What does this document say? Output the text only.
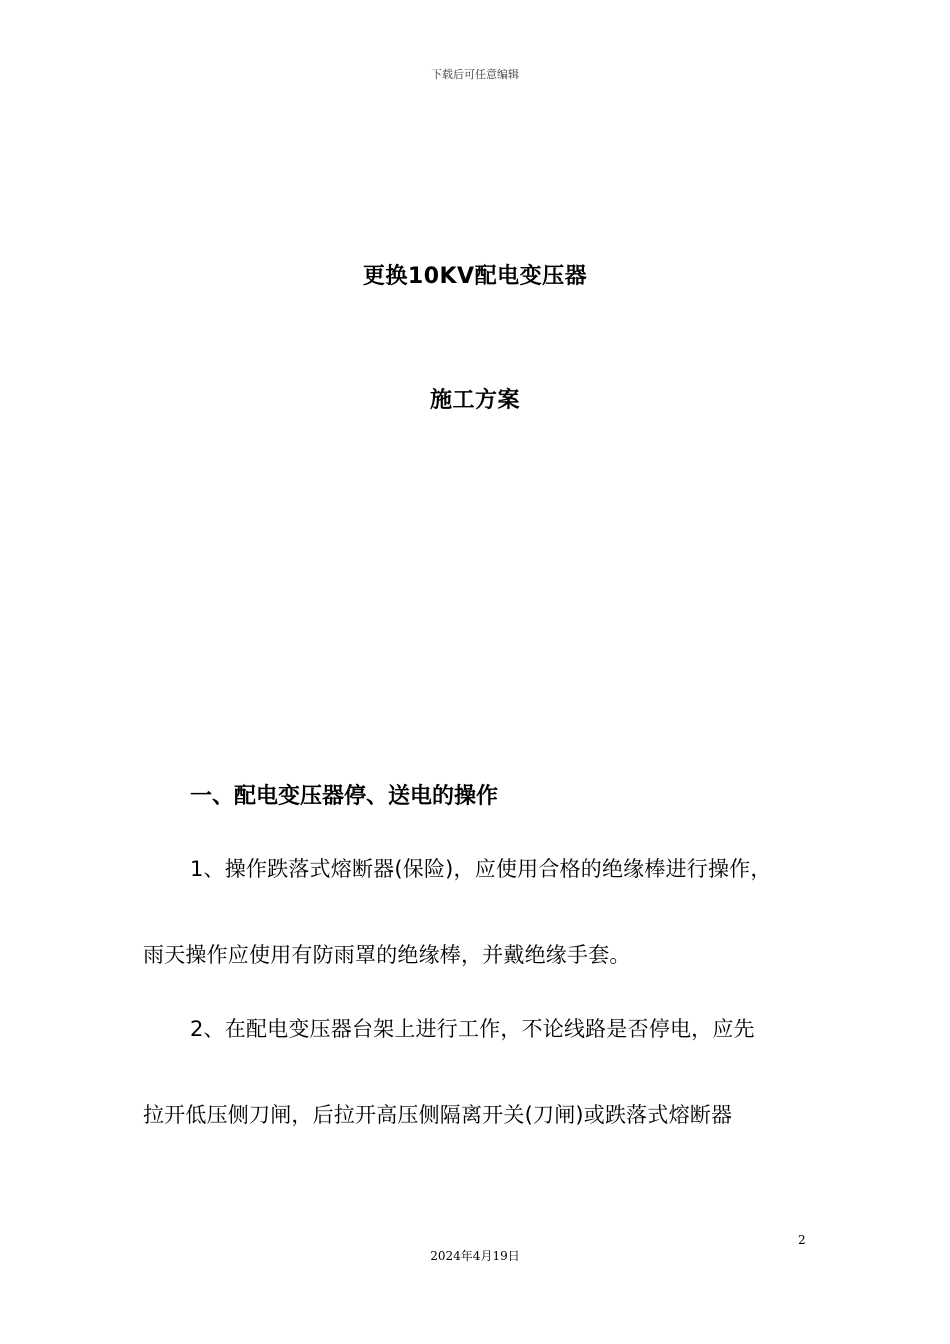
下载后可任意编辑
更换10KV配电变压器
施工方案
一、配电变压器停、送电的操作
1、操作跌落式熔断器(保险)，应使用合格的绝缘棒进行操作，
雨天操作应使用有防雨罩的绝缘棒，并戴绝缘手套。
2、在配电变压器台架上进行工作，不论线路是否停电，应先
拉开低压侧刀闸，后拉开高压侧隔离开关(刀闸)或跌落式熔断器
2
2024年4月19日
